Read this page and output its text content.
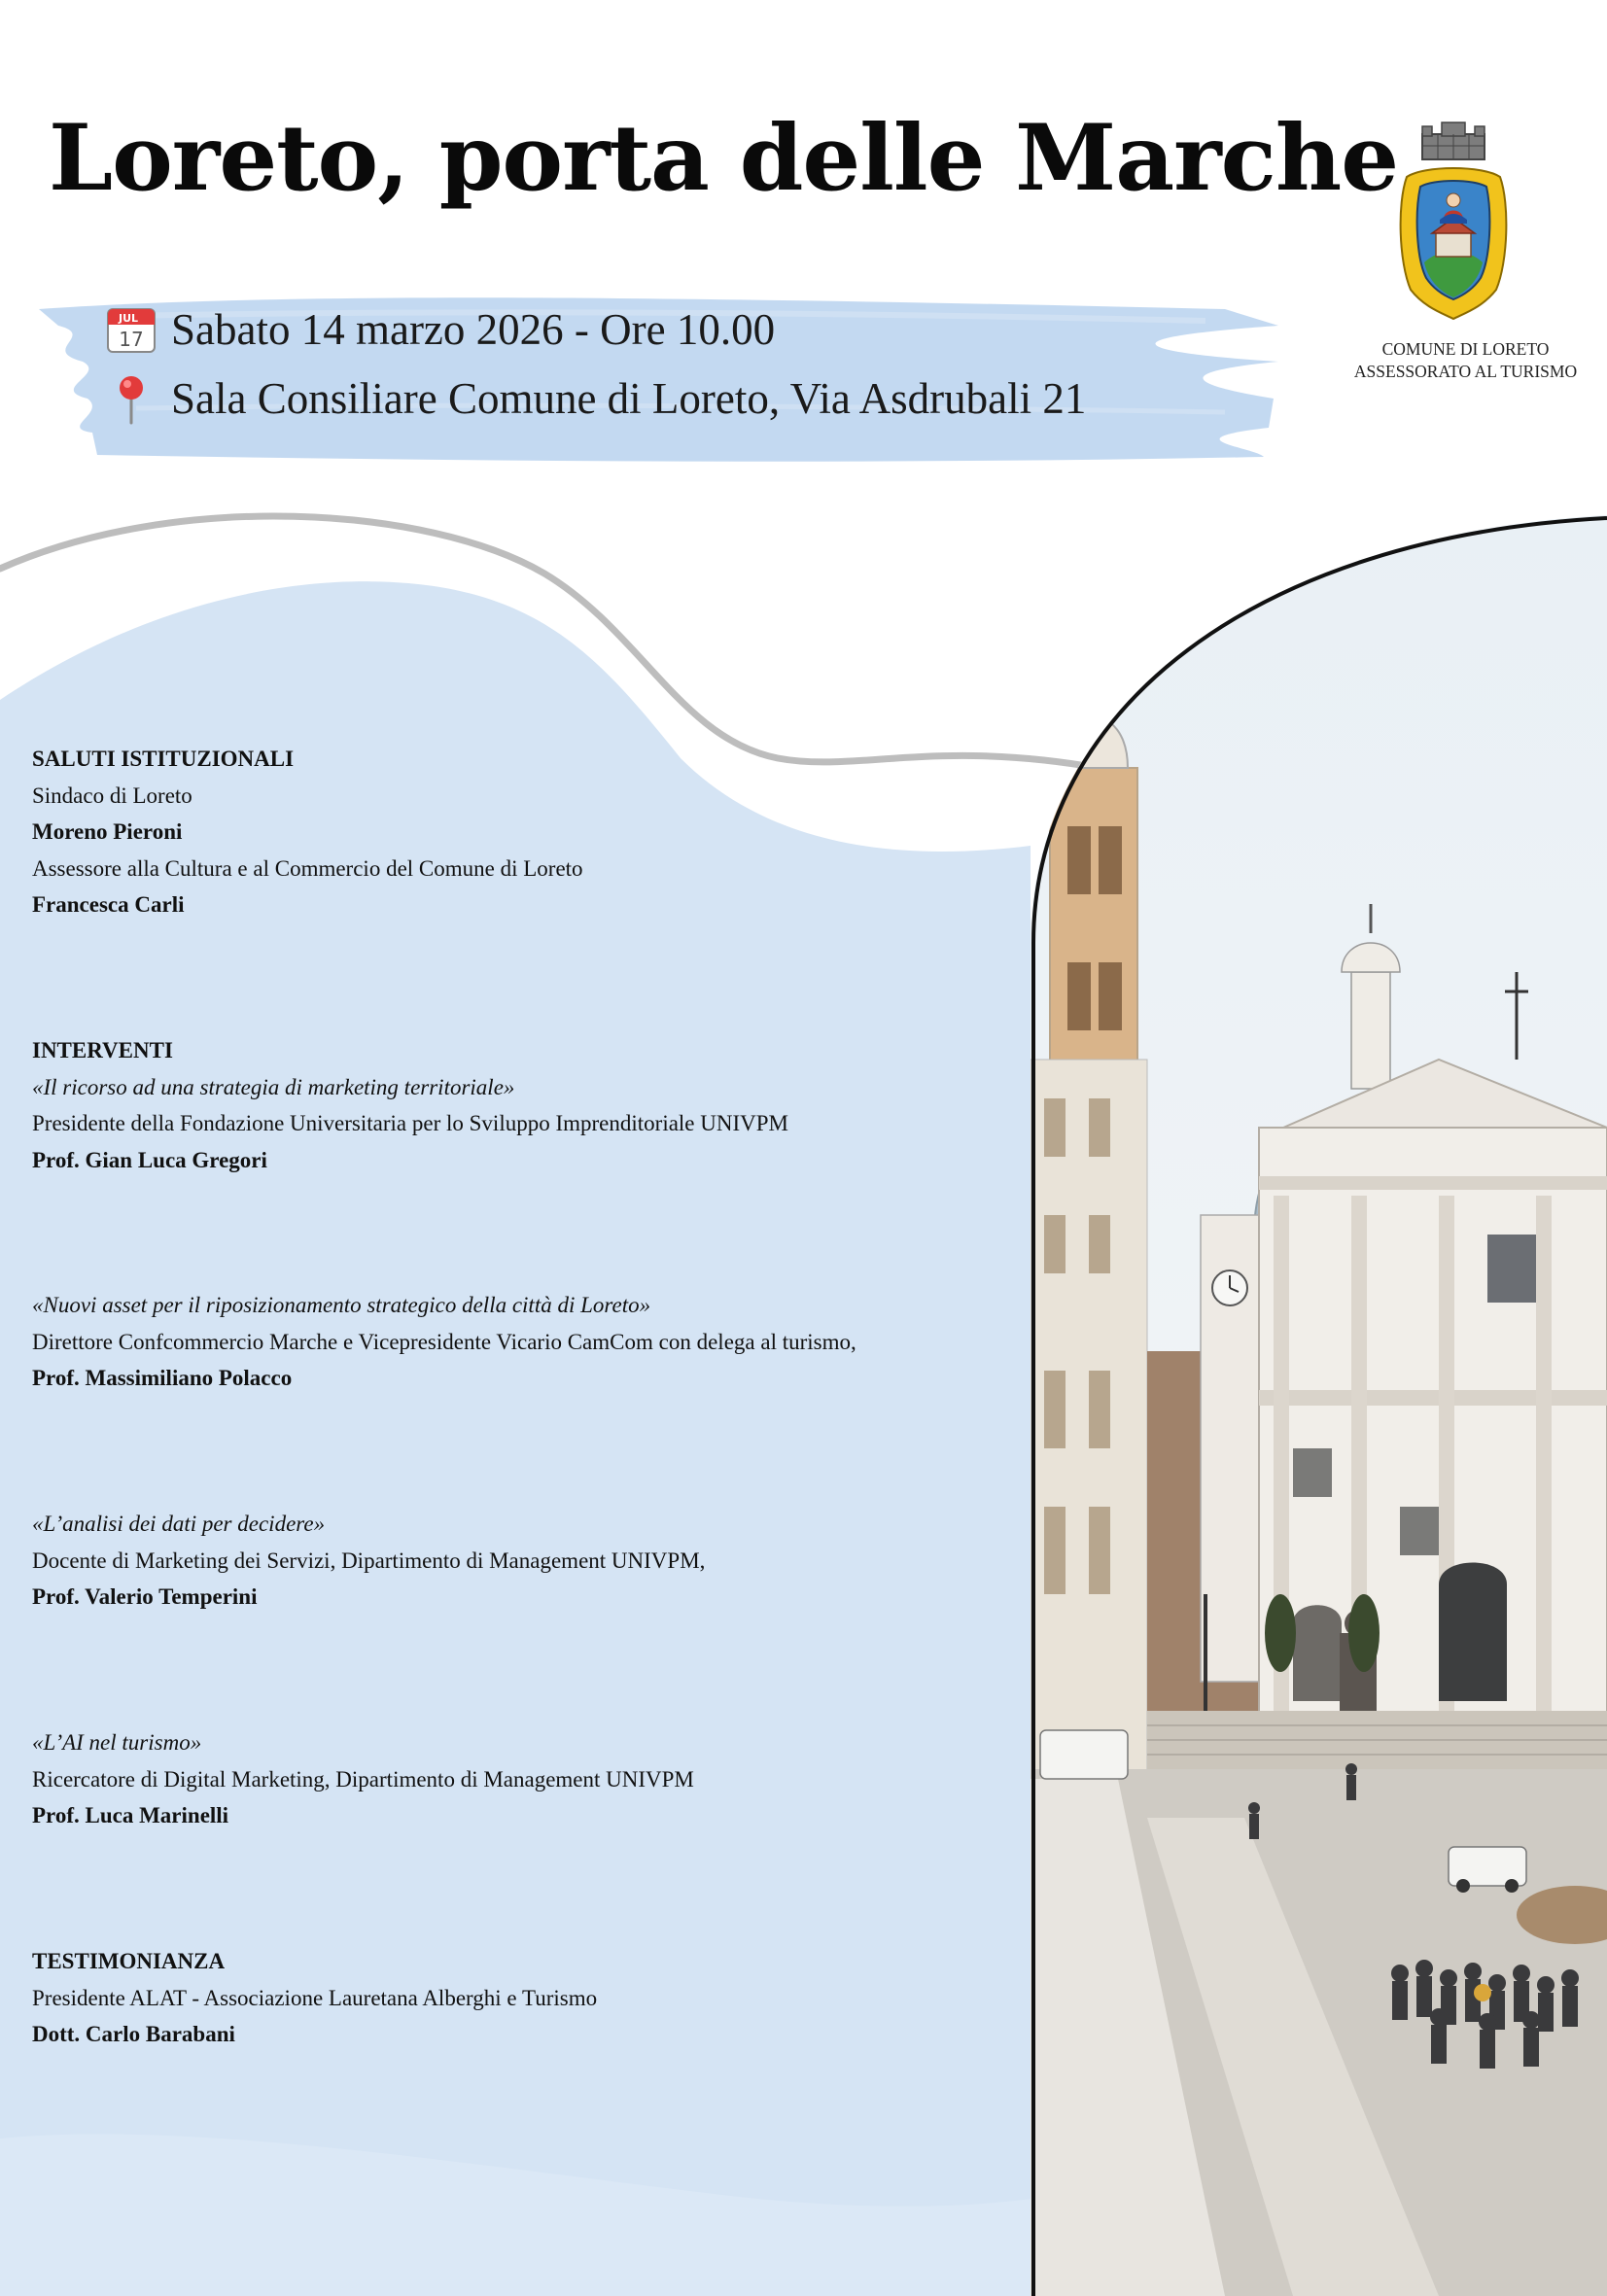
Loreto, porta delle Marche
COMUNE DI LORETO
ASSESSORATO AL TURISMO
JUL
17 Sabato 14 marzo 2026 - Ore 10.00
Sala Consiliare Comune di Loreto, Via Asdrubali 21
SALUTI ISTITUZIONALI
Sindaco di Loreto
Moreno Pieroni
Assessore alla Cultura e al Commercio del Comune di Loreto
Francesca Carli
INTERVENTI
«Il ricorso ad una strategia di marketing territoriale»
Presidente della Fondazione Universitaria per lo Sviluppo Imprenditoriale UNIVPM
Prof. Gian Luca Gregori
«Nuovi asset per il riposizionamento strategico della città di Loreto»
Direttore Confcommercio Marche e Vicepresidente Vicario CamCom con delega al turismo,
Prof. Massimiliano Polacco
«L’analisi dei dati per decidere»
Docente di Marketing dei Servizi, Dipartimento di Management UNIVPM,
Prof. Valerio Temperini
«L’AI nel turismo»
Ricercatore di Digital Marketing, Dipartimento di Management UNIVPM
Prof. Luca Marinelli
TESTIMONIANZA
Presidente ALAT - Associazione Lauretana Alberghi e Turismo
Dott. Carlo Barabani
